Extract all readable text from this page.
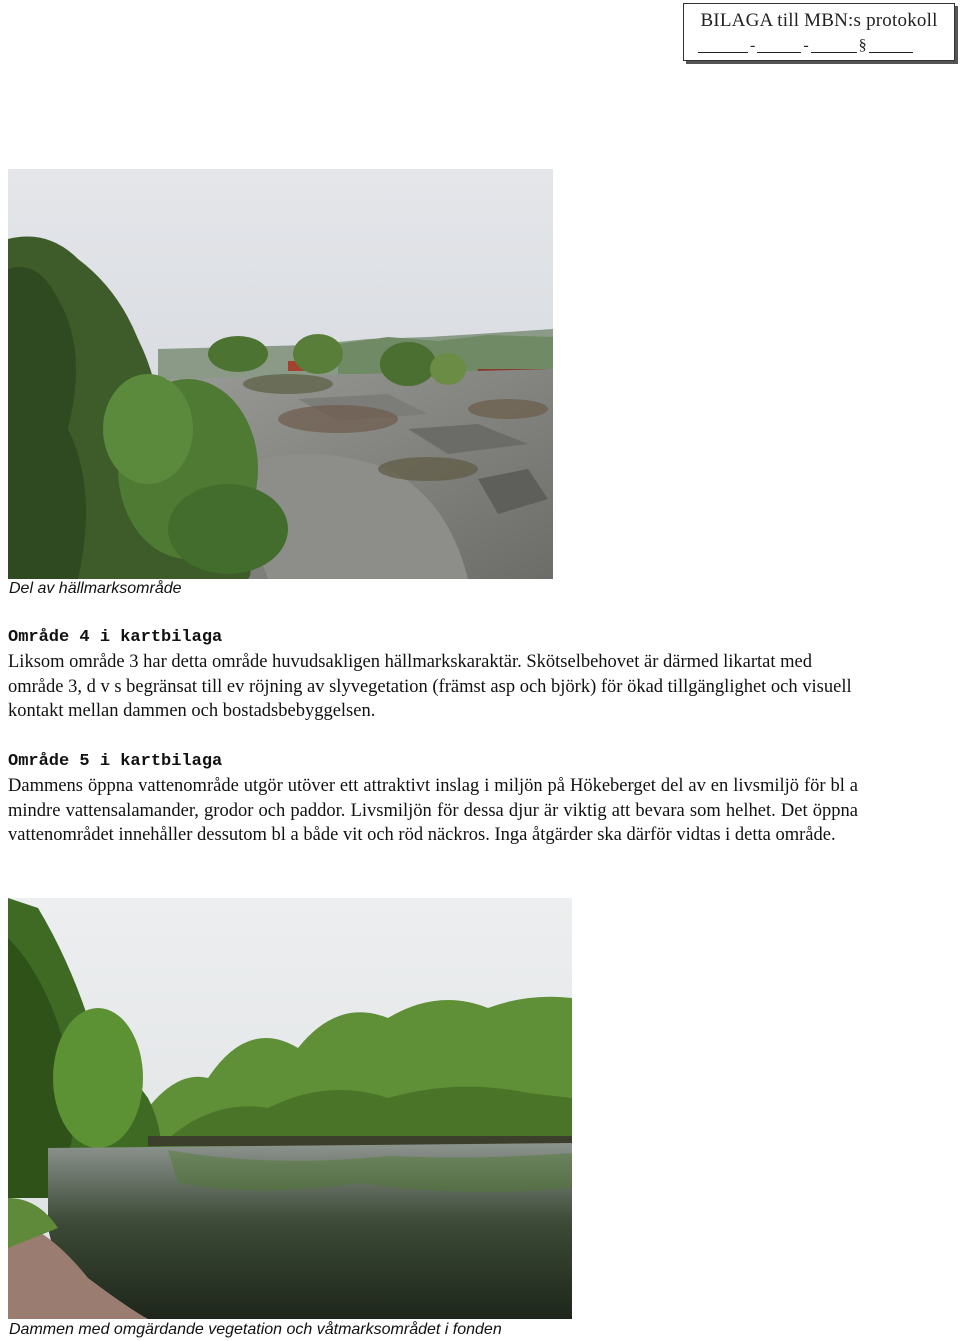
BILAGA till MBN:s protokoll
-	-	§
Del av hällmarksområde

Område 4 i kartbilaga

Liksom område 3 har detta område huvudsakligen hällmarkskaraktär. Skötselbehovet är därmed likartat med område 3, d v s begränsat till ev röjning av slyvegetation (främst asp och björk) för ökad tillgänglighet och visuell kontakt mellan dammen och bostadsbebyggelsen.

Område 5 i kartbilaga

Dammens öppna vattenområde utgör utöver ett attraktivt inslag i miljön på Hökeberget del av en livsmiljö för bl a mindre vattensalamander, grodor och paddor. Livsmiljön för dessa djur är viktig att bevara som helhet. Det öppna vattenområdet innehåller dessutom bl a både vit och röd näckros. Inga åtgärder ska därför vidtas i detta område.

Dammen med omgärdande vegetation och våtmarksområdet i fonden
